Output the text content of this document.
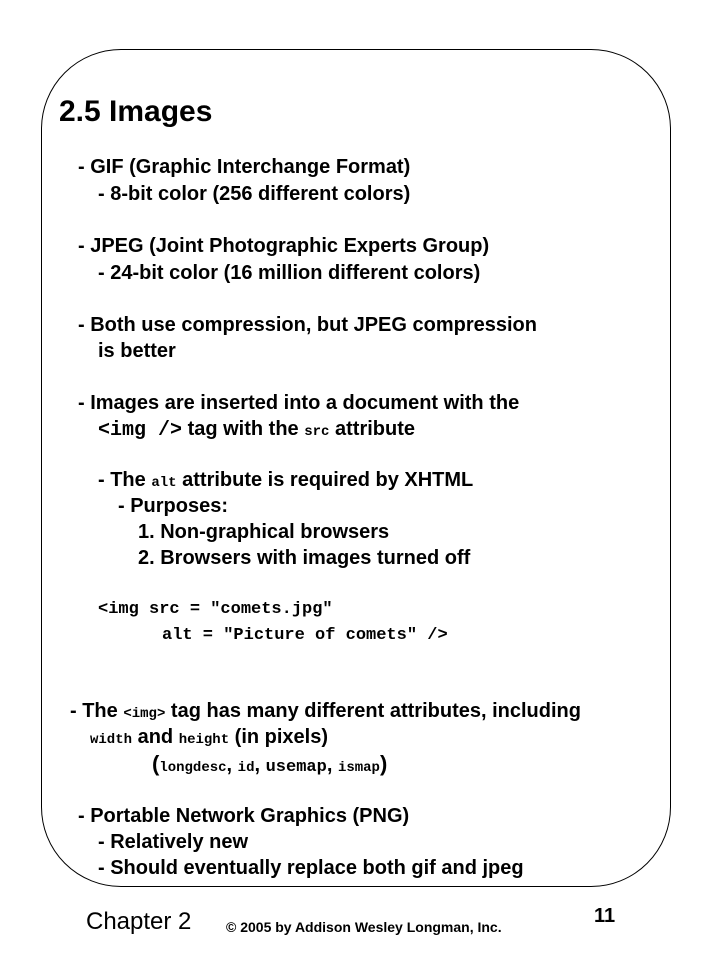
2.5 Images
- GIF (Graphic Interchange Format)
- 8-bit color (256 different colors)
- JPEG (Joint Photographic Experts Group)
- 24-bit color (16 million different colors)
- Both use compression, but JPEG compression
is better
- Images are inserted into a document with the
<img /> tag with the src attribute
- The alt attribute is required by XHTML
- Purposes:
1. Non-graphical browsers
2. Browsers with images turned off
<img src = "comets.jpg"
alt = "Picture of comets" />
- The <img> tag has many different attributes, including
width and height (in pixels)
(longdesc, id, usemap, ismap)
- Portable Network Graphics (PNG)
- Relatively new
- Should eventually replace both gif and jpeg
Chapter 2 © 2005 by Addison Wesley Longman, Inc.	11
